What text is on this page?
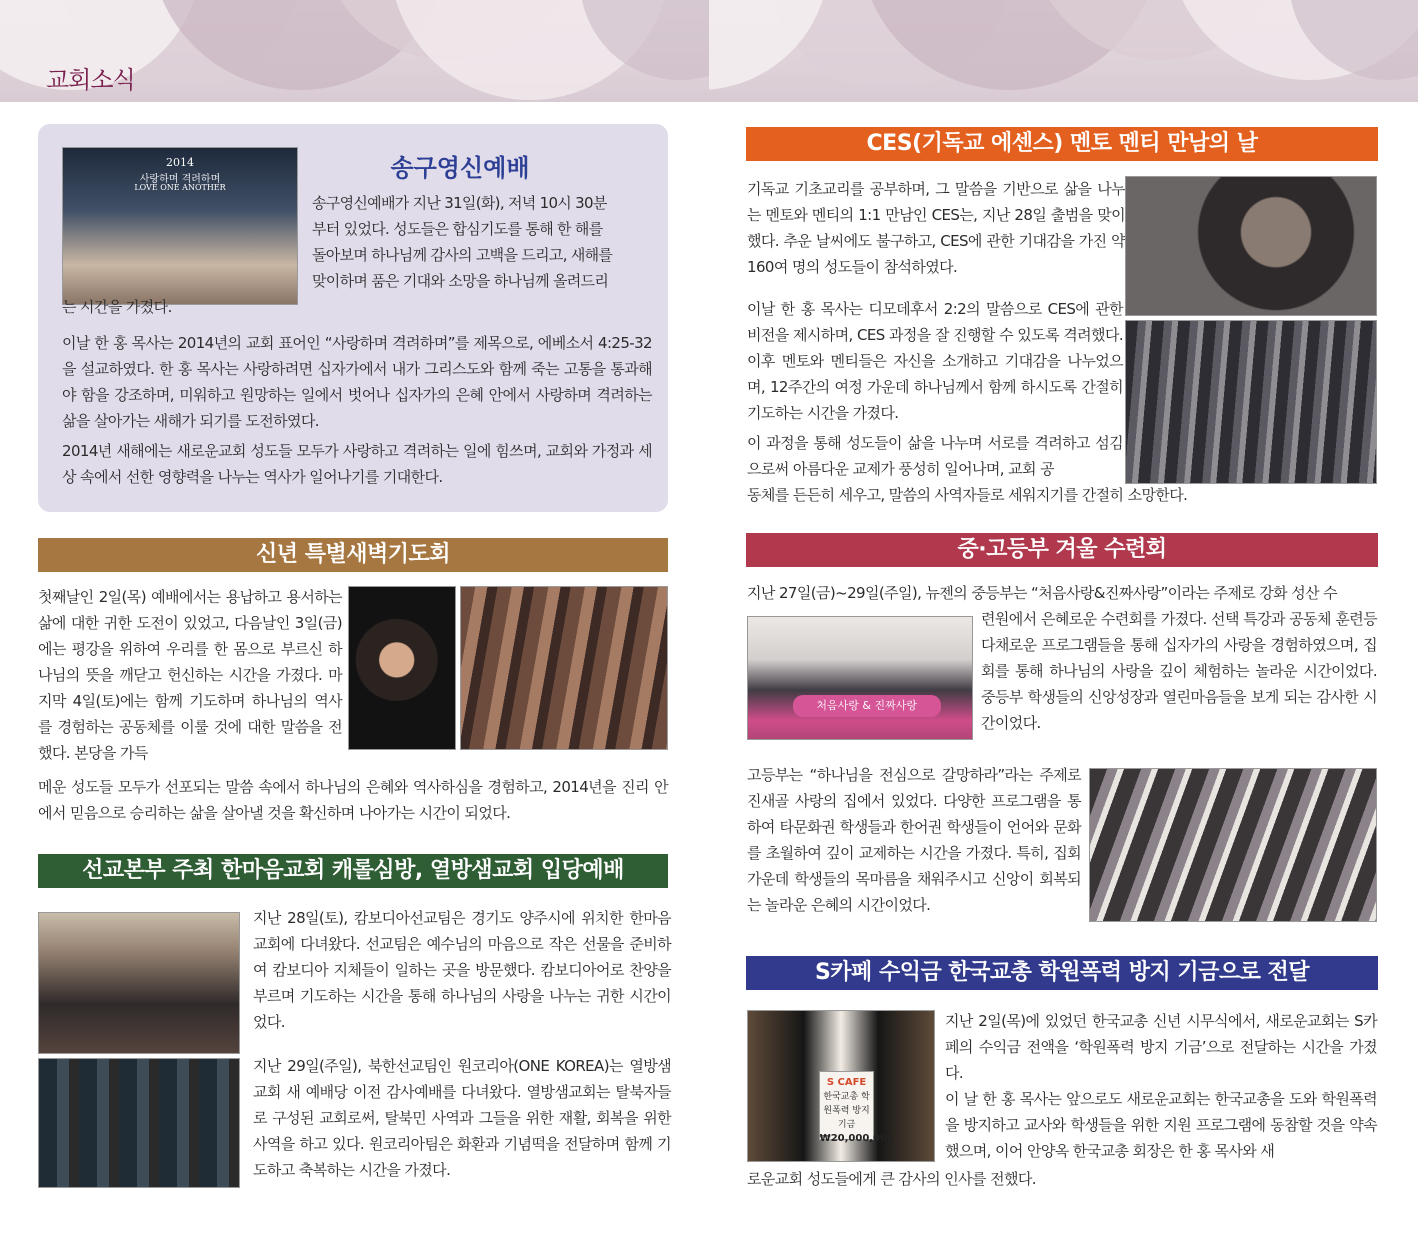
교회소식
2014
사랑하며 격려하며
LOVE ONE ANOTHER
송구영신예배
송구영신예배가 지난 31일(화), 저녁 10시 30분
부터 있었다. 성도들은 합심기도를 통해 한 해를
돌아보며 하나님께 감사의 고백을 드리고, 새해를
맞이하며 품은 기대와 소망을 하나님께 올려드리
는 시간을 가졌다.
이날 한 홍 목사는 2014년의 교회 표어인 “사랑하며 격려하며”를 제목으로, 에베소서 4:25-32을 설교하였다. 한 홍 목사는 사랑하려면 십자가에서 내가 그리스도와 함께 죽는 고통을 통과해야 함을 강조하며, 미워하고 원망하는 일에서 벗어나 십자가의 은혜 안에서 사랑하며 격려하는 삶을 살아가는 새해가 되기를 도전하였다.
2014년 새해에는 새로운교회 성도들 모두가 사랑하고 격려하는 일에 힘쓰며, 교회와 가정과 세상 속에서 선한 영향력을 나누는 역사가 일어나기를 기대한다.
신년 특별새벽기도회
첫째날인 2일(목) 예배에서는 용납하고 용서하는 삶에 대한 귀한 도전이 있었고, 다음날인 3일(금)에는 평강을 위하여 우리를 한 몸으로 부르신 하나님의 뜻을 깨닫고 헌신하는 시간을 가졌다. 마지막 4일(토)에는 함께 기도하며 하나님의 역사를 경험하는 공동체를 이룰 것에 대한 말씀을 전했다. 본당을 가득
메운 성도들 모두가 선포되는 말씀 속에서 하나님의 은혜와 역사하심을 경험하고, 2014년을 진리 안에서 믿음으로 승리하는 삶을 살아낼 것을 확신하며 나아가는 시간이 되었다.
선교본부 주최 한마음교회 캐롤심방, 열방샘교회 입당예배
지난 28일(토), 캄보디아선교팀은 경기도 양주시에 위치한 한마음교회에 다녀왔다. 선교팀은 예수님의 마음으로 작은 선물을 준비하여 캄보디아 지체들이 일하는 곳을 방문했다. 캄보디아어로 찬양을 부르며 기도하는 시간을 통해 하나님의 사랑을 나누는 귀한 시간이었다.
지난 29일(주일), 북한선교팀인 원코리아(ONE KOREA)는 열방샘교회 새 예배당 이전 감사예배를 다녀왔다. 열방샘교회는 탈북자들로 구성된 교회로써, 탈북민 사역과 그들을 위한 재활, 회복을 위한 사역을 하고 있다. 원코리아팀은 화환과 기념떡을 전달하며 함께 기도하고 축복하는 시간을 가졌다.
CES(기독교 에센스) 멘토 멘티 만남의 날
기독교 기초교리를 공부하며, 그 말씀을 기반으로 삶을 나누는 멘토와 멘티의 1:1 만남인 CES는, 지난 28일 출범을 맞이했다. 추운 날씨에도 불구하고, CES에 관한 기대감을 가진 약 160여 명의 성도들이 참석하였다.
이날 한 홍 목사는 디모데후서 2:2의 말씀으로 CES에 관한 비전을 제시하며, CES 과정을 잘 진행할 수 있도록 격려했다. 이후 멘토와 멘티들은 자신을 소개하고 기대감을 나누었으며, 12주간의 여정 가운데 하나님께서 함께 하시도록 간절히 기도하는 시간을 가졌다.
이 과정을 통해 성도들이 삶을 나누며 서로를 격려하고 섬김으로써 아름다운 교제가 풍성히 일어나며, 교회 공
동체를 든든히 세우고, 말씀의 사역자들로 세워지기를 간절히 소망한다.
중·고등부 겨울 수련회
지난 27일(금)~29일(주일), 뉴젠의 중등부는 “처음사랑&진짜사랑”이라는 주제로 강화 성산 수
처음사랑 & 진짜사랑
련원에서 은혜로운 수련회를 가졌다. 선택 특강과 공동체 훈련등 다채로운 프로그램들을 통해 십자가의 사랑을 경험하였으며, 집회를 통해 하나님의 사랑을 깊이 체험하는 놀라운 시간이었다. 중등부 학생들의 신앙성장과 열린마음들을 보게 되는 감사한 시간이었다.
고등부는 “하나님을 전심으로 갈망하라”라는 주제로 진새골 사랑의 집에서 있었다. 다양한 프로그램을 통하여 타문화권 학생들과 한어권 학생들이 언어와 문화를 초월하여 깊이 교제하는 시간을 가졌다. 특히, 집회 가운데 학생들의 목마름을 채워주시고 신앙이 회복되는 놀라운 은혜의 시간이었다.
S카페 수익금 한국교총 학원폭력 방지 기금으로 전달
S CAFE
한국교총 학원폭력 방지 기금
₩20,000,000
지난 2일(목)에 있었던 한국교총 신년 시무식에서, 새로운교회는 S카페의 수익금 전액을 ‘학원폭력 방지 기금’으로 전달하는 시간을 가졌다.
이 날 한 홍 목사는 앞으로도 새로운교회는 한국교총을 도와 학원폭력을 방지하고 교사와 학생들을 위한 지원 프로그램에 동참할 것을 약속했으며, 이어 안양옥 한국교총 회장은 한 홍 목사와 새
로운교회 성도들에게 큰 감사의 인사를 전했다.
